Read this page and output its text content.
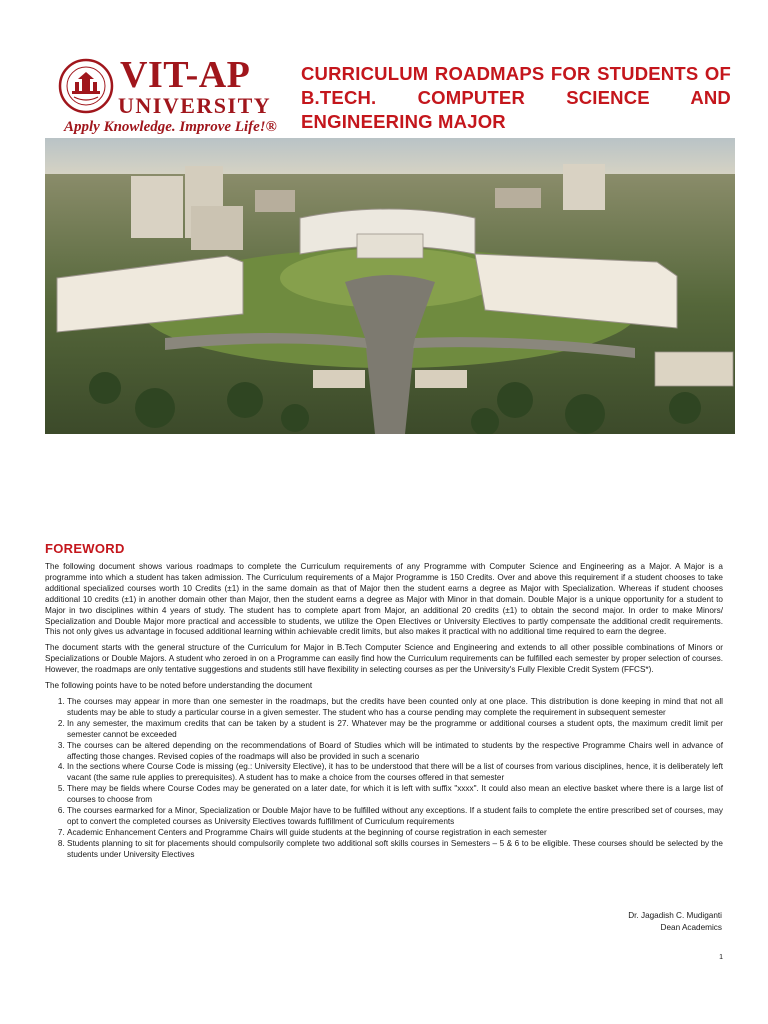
VIT-AP
UNIVERSITY
Apply Knowledge. Improve Life!®
CURRICULUM ROADMAPS FOR STUDENTS OF B.TECH. COMPUTER SCIENCE AND ENGINEERING MAJOR
FOREWORD

The following document shows various roadmaps to complete the Curriculum requirements of any Programme with Computer Science and Engineering as a Major. A Major is a programme into which a student has taken admission. The Curriculum requirements of a Major Programme is 150 Credits. Over and above this requirement if a student chooses to take additional specialized courses worth 10 Credits (±1) in the same domain as that of Major then the student earns a degree as Major with Specialization. Whereas if student chooses additional 10 credits (±1) in another domain other than Major, then the student earns a degree as Major with Minor in that domain. Double Major is a unique opportunity for a student to Major in two disciplines within 4 years of study. The student has to complete apart from Major, an additional 20 credits (±1) to obtain the second major. In order to make Minors/ Specialization and Double Major more practical and accessible to students, we utilize the Open Electives or University Electives to partly compensate the additional credit requirements. This not only gives us advantage in focused additional learning within achievable credit limits, but also makes it practical with no additional time required to earn the degree.

The document starts with the general structure of the Curriculum for Major in B.Tech Computer Science and Engineering and extends to all other possible combinations of Minors or Specializations or Double Majors. A student who zeroed in on a Programme can easily find how the Curriculum requirements can be fulfilled each semester by proper selection of courses. However, the roadmaps are only tentative suggestions and students still have flexibility in selecting courses as per the University's Fully Flexible Credit System (FFCS*).

The following points have to be noted before understanding the document

1. The courses may appear in more than one semester in the roadmaps, but the credits have been counted only at one place. This distribution is done keeping in mind that not all students may be able to study a particular course in a given semester. The student who has a course pending may complete the requirement in subsequent semester
2. In any semester, the maximum credits that can be taken by a student is 27. Whatever may be the programme or additional courses a student opts, the maximum credit limit per semester cannot be exceeded
3. The courses can be altered depending on the recommendations of Board of Studies which will be intimated to students by the respective Programme Chairs well in advance of affecting those changes. Revised copies of the roadmaps will also be provided in such a scenario
4. In the sections where Course Code is missing (eg.: University Elective), it has to be understood that there will be a list of courses from various disciplines, hence, it is deliberately left vacant (the same rule applies to prerequisites). A student has to make a choice from the courses offered in that semester
5. There may be fields where Course Codes may be generated on a later date, for which it is left with suffix "xxxx". It could also mean an elective basket where there is a large list of courses to choose from
6. The courses earmarked for a Minor, Specialization or Double Major have to be fulfilled without any exceptions. If a student fails to complete the entire prescribed set of courses, may opt to convert the completed courses as University Electives towards fulfillment of Curriculum requirements
7. Academic Enhancement Centers and Programme Chairs will guide students at the beginning of course registration in each semester
8. Students planning to sit for placements should compulsorily complete two additional soft skills courses in Semesters – 5 & 6 to be eligible. These courses should be selected by the students under University Electives
Dr. Jagadish C. Mudiganti
Dean Academics
1
